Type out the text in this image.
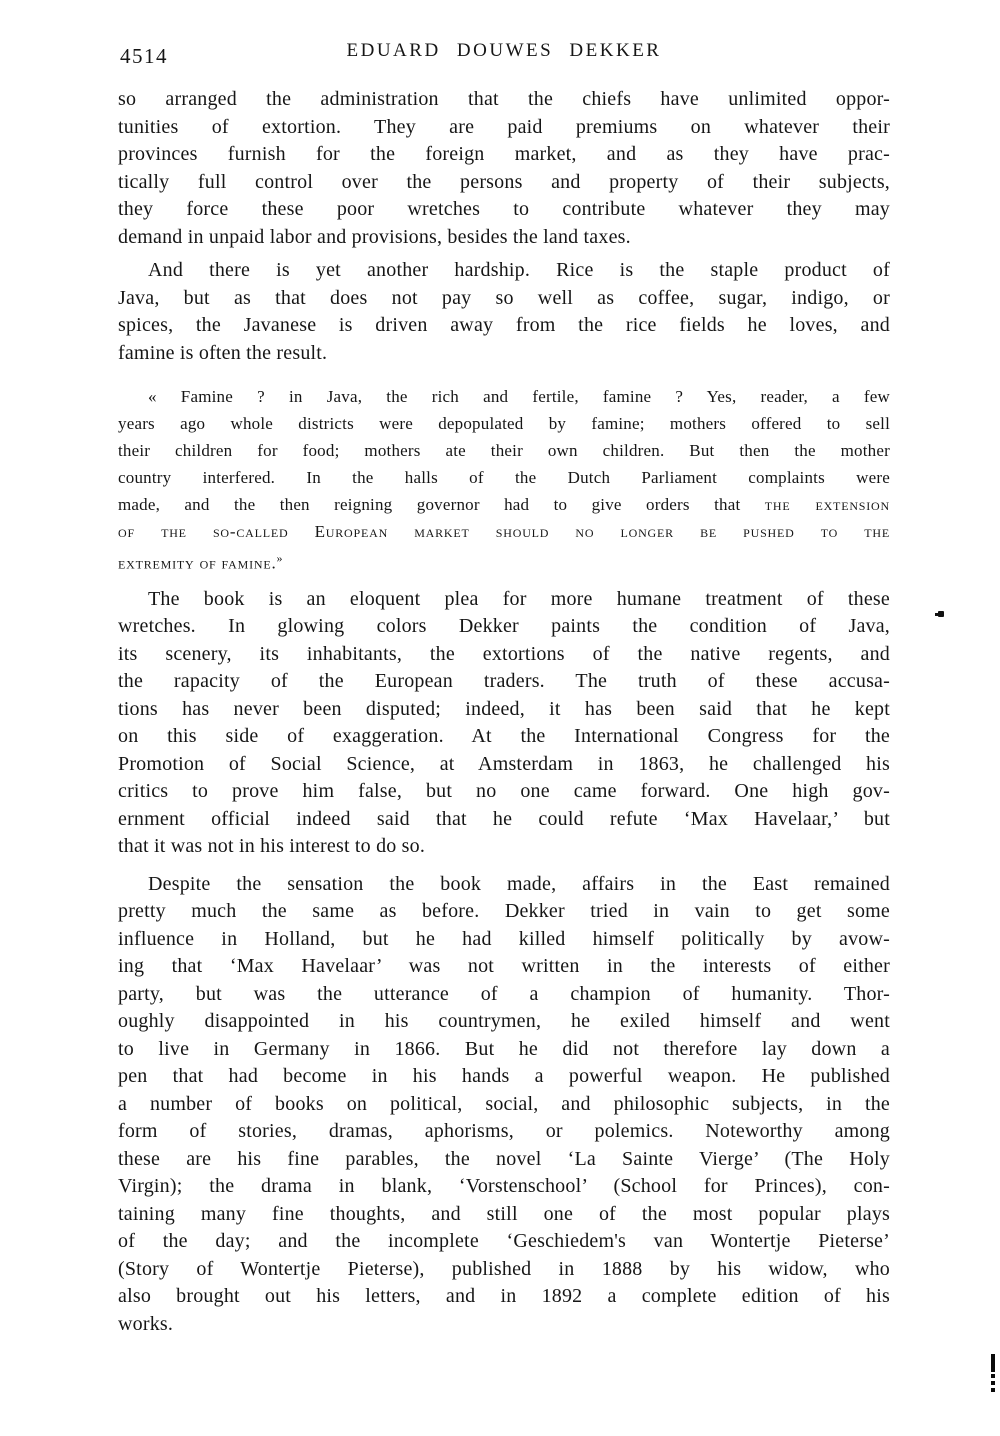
4514	EDUARD DOUWES DEKKER

so arranged the administration that the chiefs have unlimited oppor-
tunities of extortion. They are paid premiums on whatever their
provinces furnish for the foreign market, and as they have prac-
tically full control over the persons and property of their subjects,
they force these poor wretches to contribute whatever they may
demand in unpaid labor and provisions, besides the land taxes.

And there is yet another hardship. Rice is the staple product of
Java, but as that does not pay so well as coffee, sugar, indigo, or
spices, the Javanese is driven away from the rice fields he loves, and
famine is often the result.

« Famine ? in Java, the rich and fertile, famine ? Yes, reader, a few
years ago whole districts were depopulated by famine; mothers offered to sell
their children for food; mothers ate their own children. But then the mother
country interfered. In the halls of the Dutch Parliament complaints were
made, and the then reigning governor had to give orders that the extension
of the so-called European market should no longer be pushed to the
extremity of famine.»

The book is an eloquent plea for more humane treatment of these
wretches. In glowing colors Dekker paints the condition of Java,
its scenery, its inhabitants, the extortions of the native regents, and
the rapacity of the European traders. The truth of these accusa-
tions has never been disputed; indeed, it has been said that he kept
on this side of exaggeration. At the International Congress for the
Promotion of Social Science, at Amsterdam in 1863, he challenged his
critics to prove him false, but no one came forward. One high gov-
ernment official indeed said that he could refute ‘Max Havelaar,’ but
that it was not in his interest to do so.

Despite the sensation the book made, affairs in the East remained
pretty much the same as before. Dekker tried in vain to get some
influence in Holland, but he had killed himself politically by avow-
ing that ‘Max Havelaar’ was not written in the interests of either
party, but was the utterance of a champion of humanity. Thor-
oughly disappointed in his countrymen, he exiled himself and went
to live in Germany in 1866. But he did not therefore lay down a
pen that had become in his hands a powerful weapon. He published
a number of books on political, social, and philosophic subjects, in the
form of stories, dramas, aphorisms, or polemics. Noteworthy among
these are his fine parables, the novel ‘La Sainte Vierge’ (The Holy
Virgin); the drama in blank, ‘Vorstenschool’ (School for Princes), con-
taining many fine thoughts, and still one of the most popular plays
of the day; and the incomplete ‘Geschiedem's van Wontertje Pieterse’
(Story of Wontertje Pieterse), published in 1888 by his widow, who
also brought out his letters, and in 1892 a complete edition of his
works.
